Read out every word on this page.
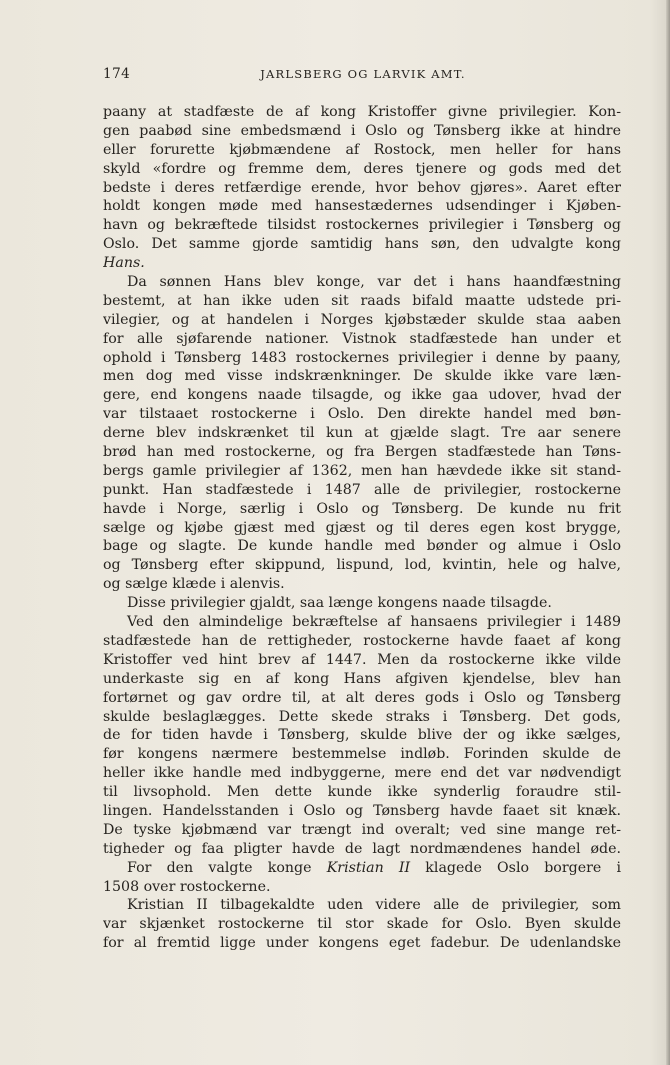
174	JARLSBERG OG LARVIK AMT.
paany at stadfæste de af kong Kristoffer givne privilegier. Kon-
gen paabød sine embedsmænd i Oslo og Tønsberg ikke at hindre
eller forurette kjøbmændene af Rostock, men heller for hans
skyld «fordre og fremme dem, deres tjenere og gods med det
bedste i deres retfærdige erende, hvor behov gjøres». Aaret efter
holdt kongen møde med hansestædernes udsendinger i Kjøben-
havn og bekræftede tilsidst rostockernes privilegier i Tønsberg og
Oslo. Det samme gjorde samtidig hans søn, den udvalgte kong
Hans.
Da sønnen Hans blev konge, var det i hans haandfæstning
bestemt, at han ikke uden sit raads bifald maatte udstede pri-
vilegier, og at handelen i Norges kjøbstæder skulde staa aaben
for alle sjøfarende nationer. Vistnok stadfæstede han under et
ophold i Tønsberg 1483 rostockernes privilegier i denne by paany,
men dog med visse indskrænkninger. De skulde ikke vare læn-
gere, end kongens naade tilsagde, og ikke gaa udover, hvad der
var tilstaaet rostockerne i Oslo. Den direkte handel med bøn-
derne blev indskrænket til kun at gjælde slagt. Tre aar senere
brød han med rostockerne, og fra Bergen stadfæstede han Tøns-
bergs gamle privilegier af 1362, men han hævdede ikke sit stand-
punkt. Han stadfæstede i 1487 alle de privilegier, rostockerne
havde i Norge, særlig i Oslo og Tønsberg. De kunde nu frit
sælge og kjøbe gjæst med gjæst og til deres egen kost brygge,
bage og slagte. De kunde handle med bønder og almue i Oslo
og Tønsberg efter skippund, lispund, lod, kvintin, hele og halve,
og sælge klæde i alenvis.
Disse privilegier gjaldt, saa længe kongens naade tilsagde.
Ved den almindelige bekræftelse af hansaens privilegier i 1489
stadfæstede han de rettigheder, rostockerne havde faaet af kong
Kristoffer ved hint brev af 1447. Men da rostockerne ikke vilde
underkaste sig en af kong Hans afgiven kjendelse, blev han
fortørnet og gav ordre til, at alt deres gods i Oslo og Tønsberg
skulde beslaglægges. Dette skede straks i Tønsberg. Det gods,
de for tiden havde i Tønsberg, skulde blive der og ikke sælges,
før kongens nærmere bestemmelse indløb. Forinden skulde de
heller ikke handle med indbyggerne, mere end det var nødvendigt
til livsophold. Men dette kunde ikke synderlig foraudre stil-
lingen. Handelsstanden i Oslo og Tønsberg havde faaet sit knæk.
De tyske kjøbmænd var trængt ind overalt; ved sine mange ret-
tigheder og faa pligter havde de lagt nordmændenes handel øde.
For den valgte konge Kristian II klagede Oslo borgere i
1508 over rostockerne.
Kristian II tilbagekaldte uden videre alle de privilegier, som
var skjænket rostockerne til stor skade for Oslo. Byen skulde
for al fremtid ligge under kongens eget fadebur. De udenlandske
